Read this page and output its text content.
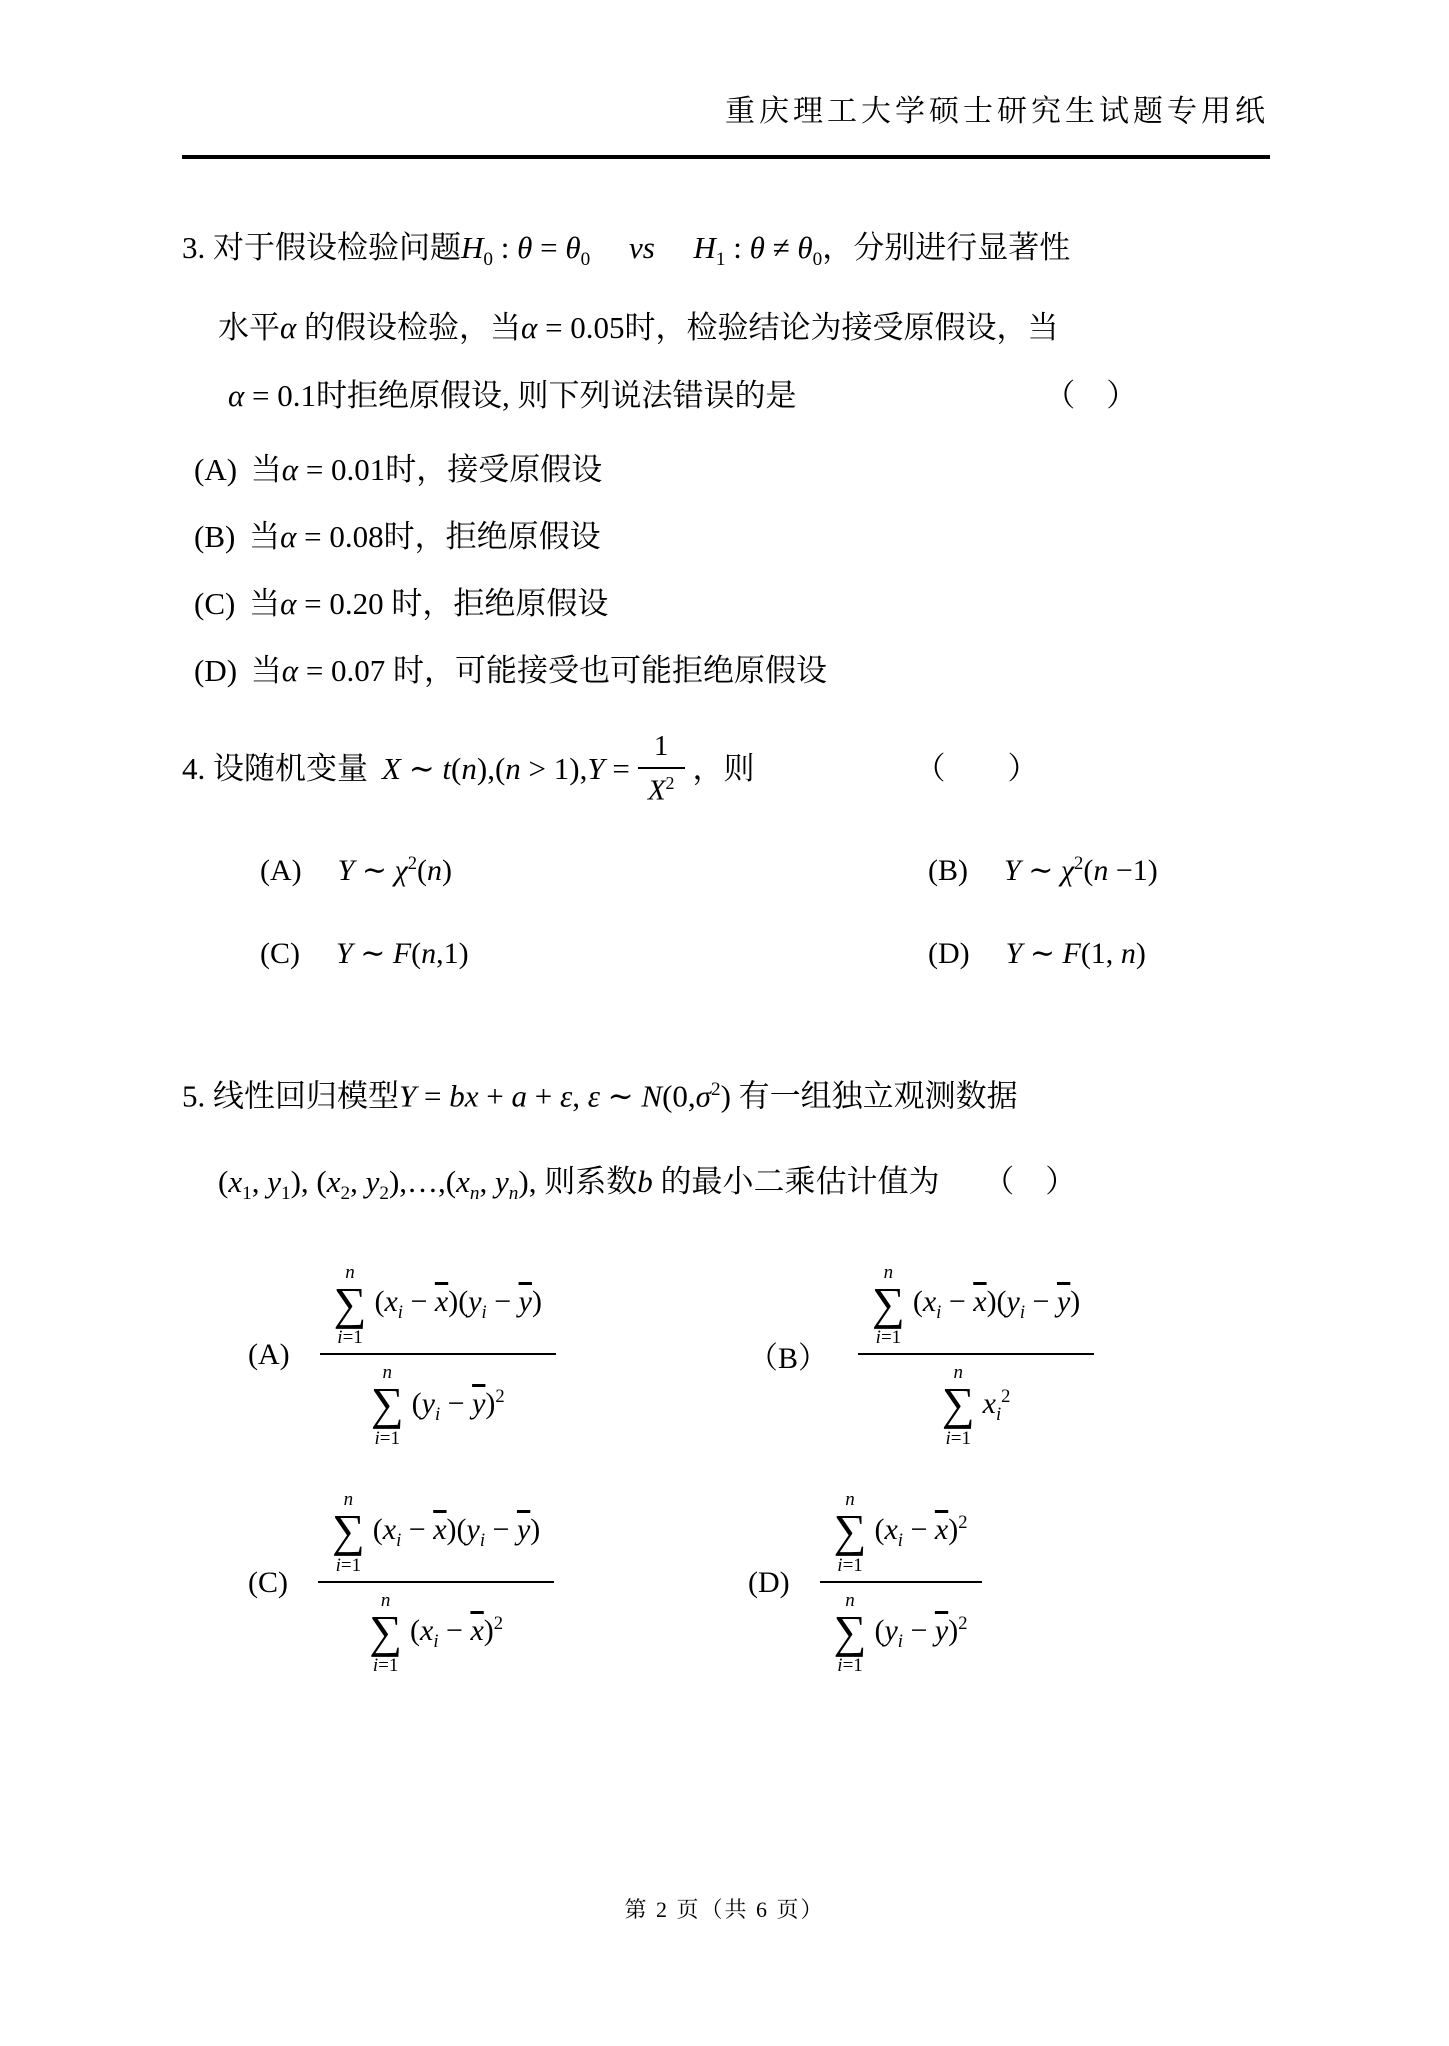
重庆理工大学硕士研究生试题专用纸
3. 对于假设检验问题$H_0$ : $\theta = \theta_0$　 vs　 $H_1$ : $\theta \ne \theta_0$，分别进行显著性
水平α 的假设检验，当α = 0.05时，检验结论为接受原假设，当
α = 0.1时拒绝原假设, 则下列说法错误的是	（　）
(A) 当α = 0.01时，接受原假设
(B) 当α = 0.08时，拒绝原假设
(C) 当α = 0.20 时，拒绝原假设
(D) 当α = 0.07 时，可能接受也可能拒绝原假设
4. 设随机变量 X ∼ $t(n),(n > 1),Y = \frac{1}{X^2}$ ，则	（　　）
(A) Y ∼ $\chi^2(n)$	(B) Y ∼ $\chi^2(n -1)$
(C) Y ∼ F(n,1)	(D) Y ∼ F(1, n)
5. 线性回归模型Y = bx + a + ε, ε ∼ $N(0,\sigma^2)$ 有一组独立观测数据
($x_1$, $y_1$), ($x_2$, $y_2),\dots,(x_n$, $y_n$), 则系数b 的最小二乘估计值为 （　）
(A)
n
∑
i=1
$(x_i - \overline{x})(y_i - \overline{y})$
n
∑
i=1
$(y_i - \overline{y})^2$
（B）
n
∑
i=1
$(x_i - \overline{x})(y_i - \overline{y})$
n
∑
i=1
$x_i^2$
(C)
n
∑
i=1
$(x_i - \overline{x})(y_i - \overline{y})$
n
∑
i=1
$(x_i - \overline{x})^2$
(D)
n
∑
i=1
$(x_i - \overline{x})^2$
n
∑
i=1
$(y_i - \overline{y})^2$
第 2 页（共 6 页）
